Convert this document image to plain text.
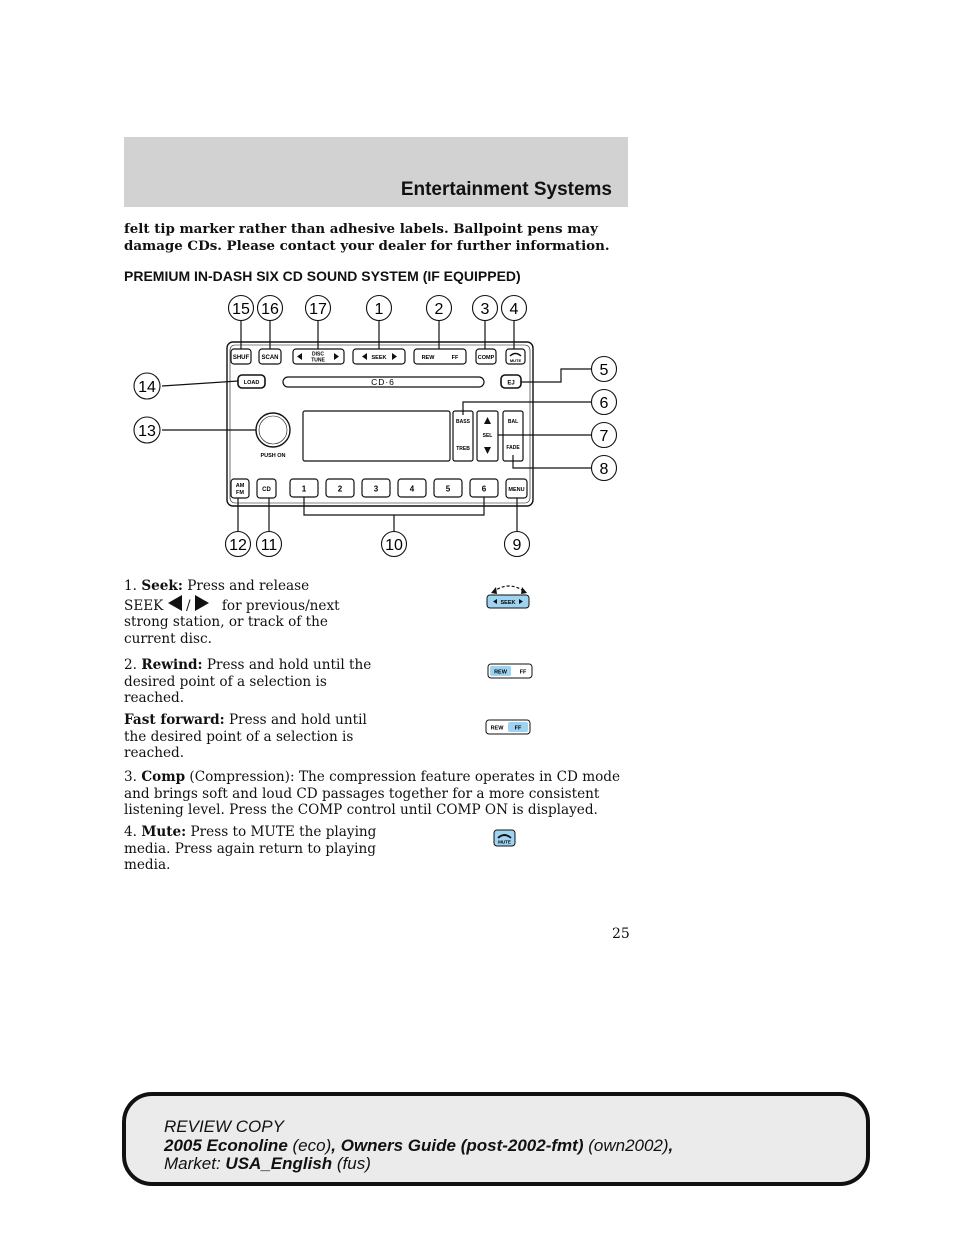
Entertainment Systems
felt tip marker rather than adhesive labels. Ballpoint pens may damage CDs. Please contact your dealer for further information.
PREMIUM IN-DASH SIX CD SOUND SYSTEM (IF EQUIPPED)
SHUF SCAN
DISC
TUNE	SEEK	REW	FF	COMP	MUTE
LOAD	CD·6	EJ
PUSH ON
BASS
TREB
SEL
BAL
FADE
AM
FM	CD	1	2	3	4	5	6	MENU
15 16 17	1	2 3 4
14
5
6
7
13
8
12 11	10	9
1. Seek: Press and release
SEEK / for previous/next
strong station, or track of the current disc.
SEEK
2. Rewind: Press and hold until the desired point of a selection is reached.
REW FF
Fast forward: Press and hold until the desired point of a selection is reached.
REW FF
3. Comp (Compression): The compression feature operates in CD mode and brings soft and loud CD passages together for a more consistent listening level. Press the COMP control until COMP ON is displayed.
4. Mute: Press to MUTE the playing media. Press again return to playing media.
MUTE
25
REVIEW COPY
2005 Econoline (eco), Owners Guide (post-2002-fmt) (own2002),
Market: USA_English (fus)
